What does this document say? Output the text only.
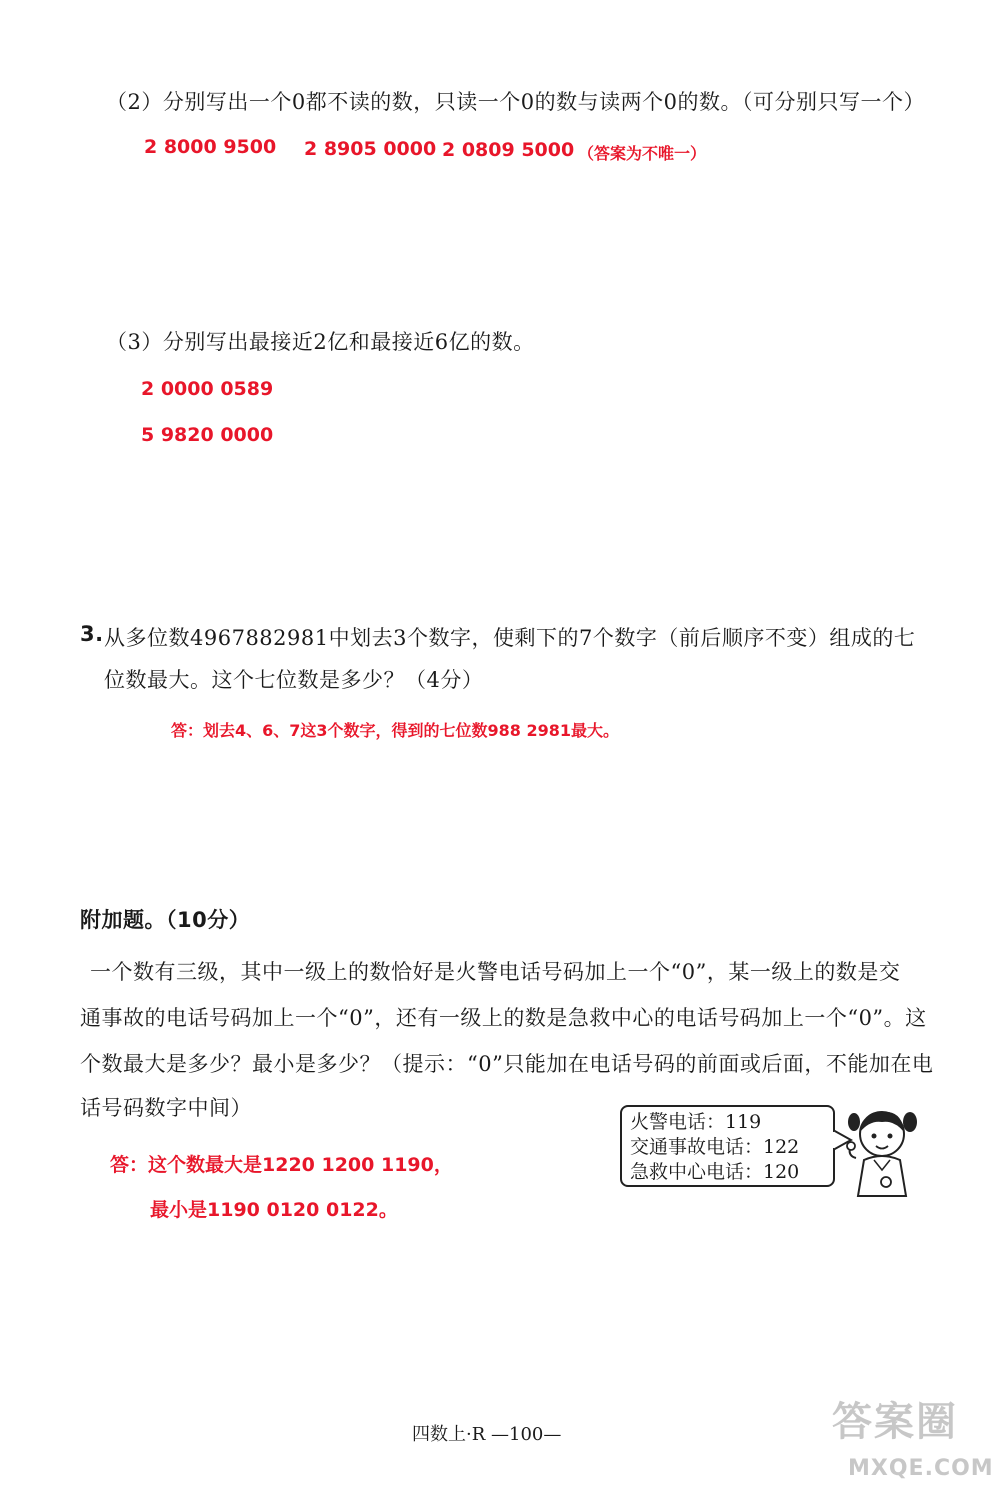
（2）分别写出一个0都不读的数，只读一个0的数与读两个0的数。（可分别只写一个）
2 8000 9500 2 8905 0000 2 0809 5000 （答案为不唯一）
（3）分别写出最接近2亿和最接近6亿的数。
2 0000 0589
5 9820 0000
3. 从多位数4967882981中划去3个数字，使剩下的7个数字（前后顺序不变）组成的七
位数最大。这个七位数是多少？（4分）
答：划去4、6、7这3个数字，得到的七位数988 2981最大。
附加题。（10分）
一个数有三级，其中一级上的数恰好是火警电话号码加上一个“0”，某一级上的数是交
通事故的电话号码加上一个“0”，还有一级上的数是急救中心的电话号码加上一个“0”。这
个数最大是多少？最小是多少？（提示：“0”只能加在电话号码的前面或后面，不能加在电
话号码数字中间）
答：这个数最大是1220 1200 1190，
最小是1190 0120 0122。
火警电话：119
交通事故电话：122
急救中心电话：120
四数上·R —100—	答案圈
MXQE.COM
